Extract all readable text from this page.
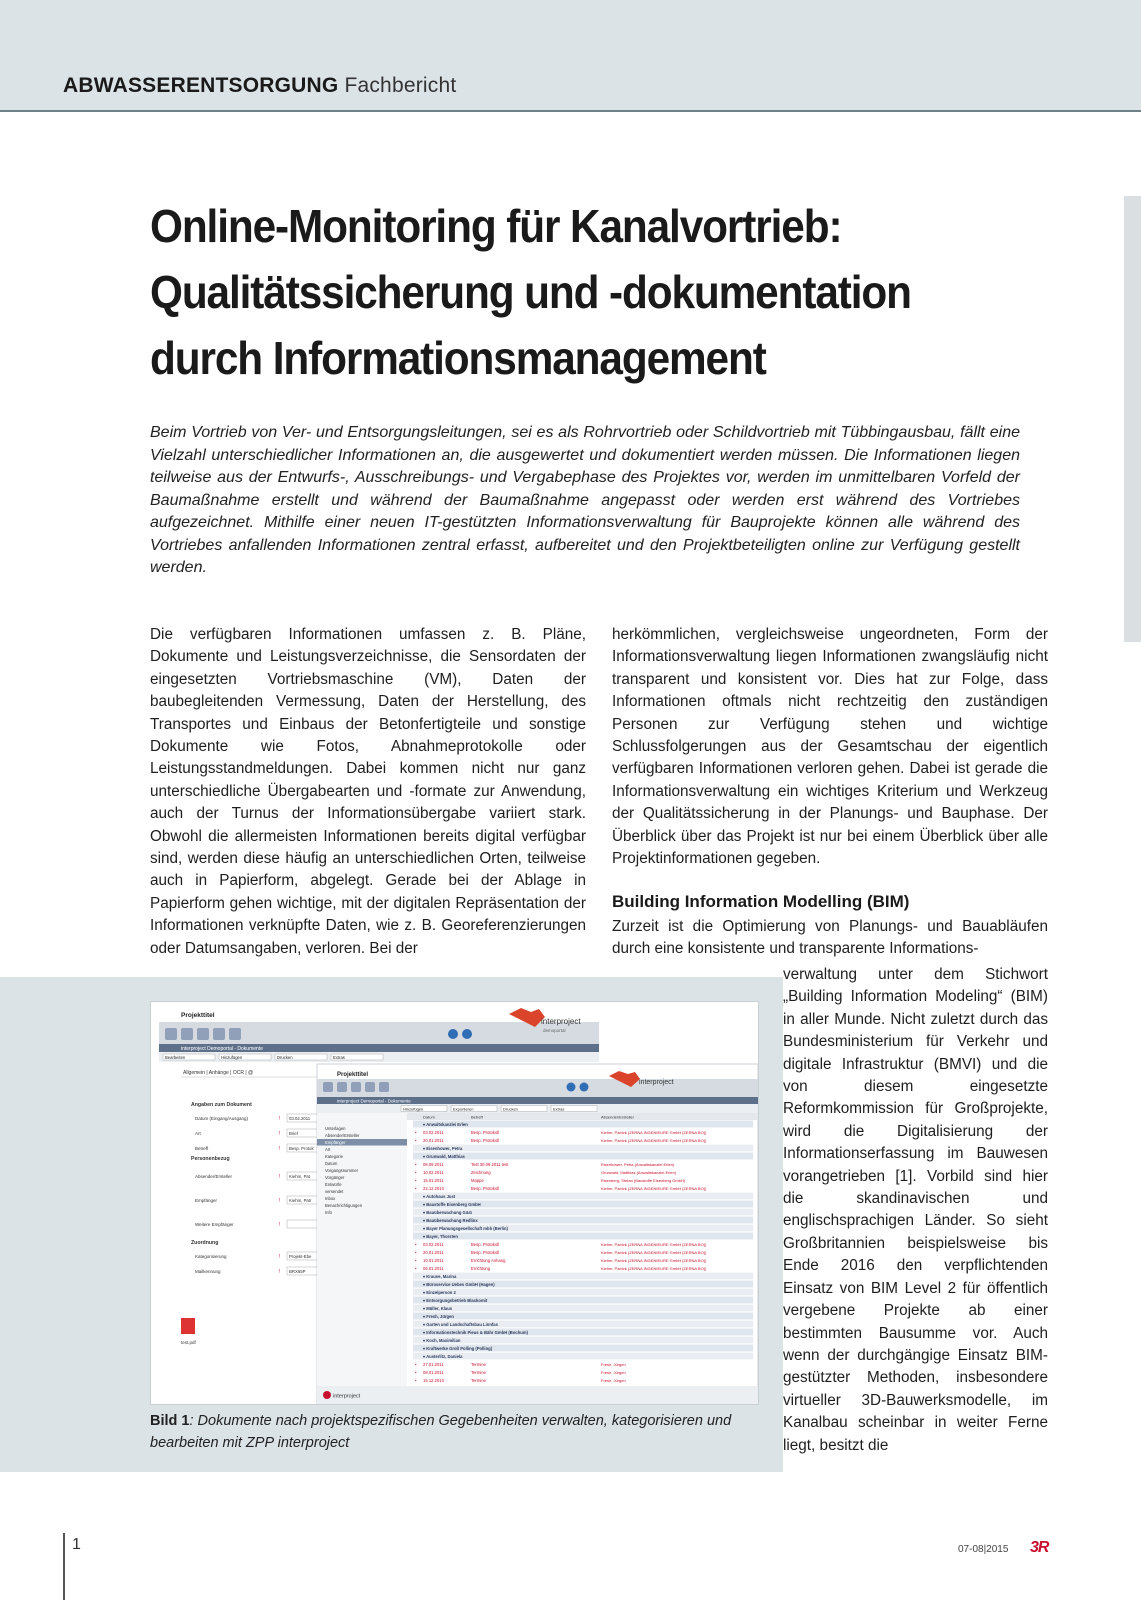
ABWASSERENTSORGUNG Fachbericht
Online-Monitoring für Kanalvortrieb:
Qualitätssicherung und -dokumentation
durch Informationsmanagement

Beim Vortrieb von Ver- und Entsorgungsleitungen, sei es als Rohrvortrieb oder Schildvortrieb mit Tübbingausbau, fällt eine Vielzahl unterschiedlicher Informationen an, die ausgewertet und dokumentiert werden müssen. Die Informationen liegen teilweise aus der Entwurfs-, Ausschreibungs- und Vergabephase des Projektes vor, werden im unmittelbaren Vorfeld der Baumaßnahme erstellt und während der Baumaßnahme angepasst oder werden erst während des Vortriebes aufgezeichnet. Mithilfe einer neuen IT-gestützten Informationsverwaltung für Bauprojekte können alle während des Vortriebes anfallenden Informationen zentral erfasst, aufbereitet und den Projektbeteiligten online zur Verfügung gestellt werden.

Die verfügbaren Informationen umfassen z. B. Pläne, Dokumente und Leistungsverzeichnisse, die Sensordaten der eingesetzten Vortriebsmaschine (VM), Daten der baubegleitenden Vermessung, Daten der Herstellung, des Transportes und Einbaus der Betonfertigteile und sonstige Dokumente wie Fotos, Abnahmeprotokolle oder Leistungsstandmeldungen. Dabei kommen nicht nur ganz unterschiedliche Übergabearten und -formate zur Anwendung, auch der Turnus der Informationsübergabe variiert stark. Obwohl die allermeisten Informationen bereits digital verfügbar sind, werden diese häufig an unterschiedlichen Orten, teilweise auch in Papierform, abgelegt. Gerade bei der Ablage in Papierform gehen wichtige, mit der digitalen Repräsentation der Informationen verknüpfte Daten, wie z. B. Georeferenzierungen oder Datumsangaben, verloren. Bei der

herkömmlichen, vergleichsweise ungeordneten, Form der Informationsverwaltung liegen Informationen zwangsläufig nicht transparent und konsistent vor. Dies hat zur Folge, dass Informationen oftmals nicht rechtzeitig den zuständigen Personen zur Verfügung stehen und wichtige Schlussfolgerungen aus der Gesamtschau der eigentlich verfügbaren Informationen verloren gehen. Dabei ist gerade die Informationsverwaltung ein wichtiges Kriterium und Werkzeug der Qualitätssicherung in der Planungs- und Bauphase. Der Überblick über das Projekt ist nur bei einem Überblick über alle Projektinformationen gegeben.

Building Information Modelling (BIM)

Zurzeit ist die Optimierung von Planungs- und Bauabläufen durch eine konsistente und transparente Informations-

verwaltung unter dem Stichwort „Building Information Modeling“ (BIM) in aller Munde. Nicht zuletzt durch das Bundesministerium für Verkehr und digitale Infrastruktur (BMVI) und die von diesem eingesetzte Reformkommission für Großprojekte, wird die Digitalisierung der Informationserfassung im Bauwesen vorangetrieben [1]. Vorbild sind hier die skandinavischen und englischsprachigen Länder. So sieht Großbritannien beispielsweise bis Ende 2016 den verpflichtenden Einsatz von BIM Level 2 für öffentlich vergebene Projekte ab einer bestimmten Bausumme vor. Auch wenn der durchgängige Einsatz BIM-gestützter Methoden, insbesondere virtueller 3D-Bauwerksmodelle, im Kanalbau scheinbar in weiter Ferne liegt, besitzt die

Projekttitel
interproject
demoportal
interproject Demoportal - Dokumente
Bearbeiten	Hinzufügen	Drucken	Extras
Allgemein | Anhänge | OCR | @
Angaben zum Dokument
Datum (Eingang/Ausgang)	! 03.02.2011
Art	! Brief
Betreff	! Besp. Protok
Absender/Ersteller	! Kiehm, Pat
Empfänger	! Kiehm, Patr
Weitere Empfänger	!
Kategorisierung	! Projekt-Ebe
Mailkennung	! BRX65P
Personenbezug
Zuordnung
test.pdf
Projekttitel
interproject
interproject Demoportal - Dokumente
Hinzufügen	Exportieren	Drucken	Extras
Unterlagen
Absender/Ersteller
Empfänger
Art
Kategorie
Datum
Vorgangsnummer
Vorgänger
Entwürfe
versendet
Inbox
Benachrichtigungen
Info
Datum	Betreff	Absender/Ersteller
▾ Anwaltskanzlei Erlen
• 03.02.2011	Besp. Protokoll	Kiehm, Patrick (ZERNA INGENIEURE GmbH [ZERNA BO])
• 20.01.2011	Besp. Protokoll	Kiehm, Patrick (ZERNA INGENIEURE GmbH [ZERNA BO])
▾ Eisenhower, Petra
▾ Grunwald, Matthias
• 08.09.2011	Test 30.09.2011 test	Eisenhower, Petra (Anwaltskanzlei Erlen)
• 10.02.2011	Zeichnung	Grunwald, Matthias (Anwaltskanzlei Erlen)
• 15.01.2011	Mappe	Eisenberg, Stefan (Baustoffe Eisenberg GmbH)
• 22.12.2010	Besp. Protokoll	Kiehm, Patrick (ZERNA INGENIEURE GmbH [ZERNA BO])
▾ Autohaus Just
▾ Baustoffe Eisenberg GmbH
▾ Bauüberwachung G&G
▾ Bauüberwachung Redlinx
▾ Bayer Planungsgesellschaft mbh (Berlin)
▾ Bayer, Thorsten
• 03.02.2011	Besp. Protokoll	Kiehm, Patrick (ZERNA INGENIEURE GmbH [ZERNA BO])
• 20.01.2011	Besp. Protokoll	Kiehm, Patrick (ZERNA INGENIEURE GmbH [ZERNA BO])
• 10.01.2011	Errichtung Anhang	Kiehm, Patrick (ZERNA INGENIEURE GmbH [ZERNA BO])
• 06.01.2011	Errichtung	Kiehm, Patrick (ZERNA INGENIEURE GmbH [ZERNA BO])
▾ Krause, Marina
▾ Büroservice Uebes GmbH (Hagen)
▾ Einzelperson 2
▾ Entsorgungsbetrieb Blackomit
▾ Müller, Klaus
▾ Fresh, Jürgen
▾ Garten und Landschaftsbau Linnfas
▾ Informationstechnik Pieus & Bähr GmbH (Bochum)
▾ Koch, Maximilian
▾ Kraftwerke Groß Polling (Polling)
▾ Austerlitz, Daniela
• 27.01.2011	Termine	Fresh, Jürgen
• 08.01.2011	Termine	Fresh, Jürgen
• 15.12.2010	Termine	Fresh, Jürgen
interproject

Bild 1: Dokumente nach projektspezifischen Gegebenheiten verwalten, kategorisieren und bearbeiten mit ZPP interproject

1	07-08|2015 3R
